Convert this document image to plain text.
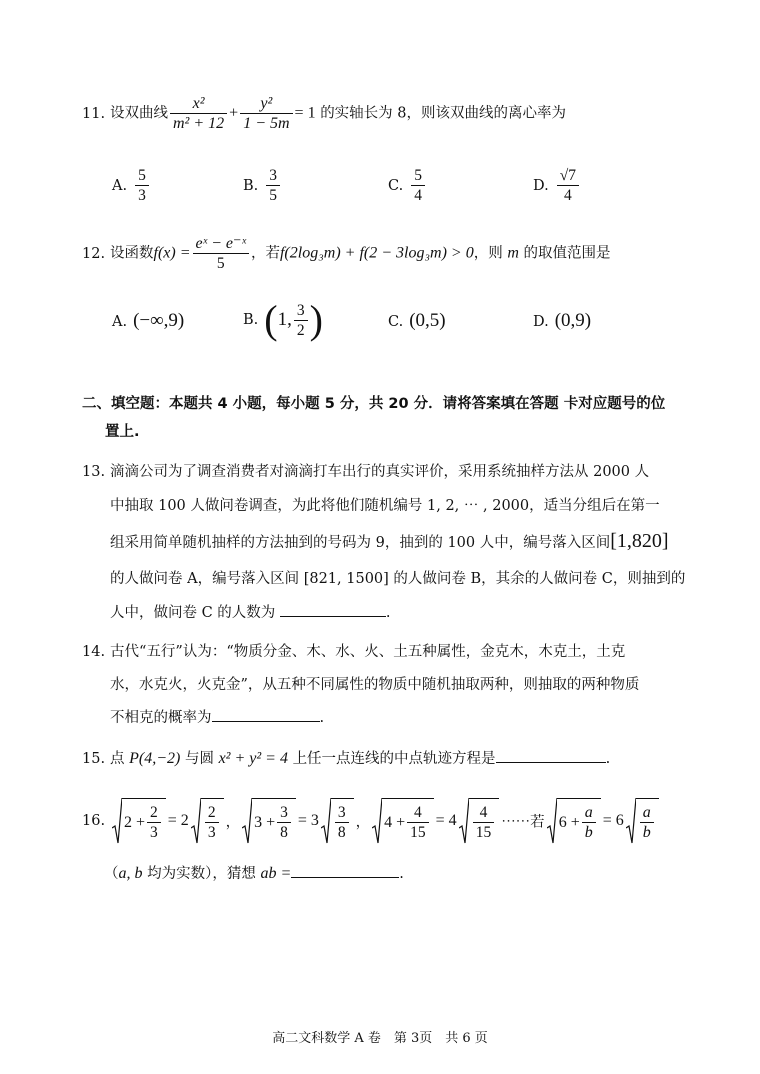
11. 设双曲线 $\frac{\text{x²}}{\text{m² + 12}} + \frac{\text{y²}}{1 - 5m} = 1$ 的实轴长为 8，则该双曲线的离心率为
A. $\frac{5}{3}$	B. $\frac{3}{5}$	C. $\frac{5}{4}$	D. $\frac{√7}{4}$
12. 设函数$f(x) = \frac{\text{eˣ − e⁻ˣ}}{5}$ ，若f(2log₃m) + f(2 − 3log₃m) > 0，则 m 的取值范围是
A. (−∞,9)	B. (1, $\frac{3}{2}$ )	C. (0,5)	D. (0,9)
二、填空题：本题共 4 小题，每小题 5 分，共 20 分．请将答案填在答题 卡对应题号的位
置上.
13. 滴滴公司为了调查消费者对滴滴打车出行的真实评价，采用系统抽样方法从 2000 人
中抽取 100 人做问卷调查，为此将他们随机编号 1, 2, ⋯ , 2000，适当分组后在第一
组采用简单随机抽样的方法抽到的号码为 9，抽到的 100 人中，编号落入区间[1,820]
的人做问卷 A，编号落入区间 [821, 1500] 的人做问卷 B，其余的人做问卷 C，则抽到的
人中，做问卷 C 的人数为	.
14. 古代“五行”认为：“物质分金、木、水、火、土五种属性，金克木，木克土，土克
水，水克火，火克金”，从五种不同属性的物质中随机抽取两种，则抽取的两种物质
不相克的概率为	.
15. 点 P(4,−2) 与圆 x² + y² = 4 上任一点连线的中点轨迹方程是	.
16. $2 + \frac{2}{3} = 2 \frac{2}{3}$ ， $3 + \frac{3}{8} = 3 \frac{3}{8}$ ， $4 + \frac{4}{15} = 4 \frac{4}{15}$ ⋯⋯若 $6 + \frac{a}{b} = 6 \frac{a}{b}$
（a, b 均为实数），猜想 ab =	.
高二文科数学 A 卷　第 3页　共 6 页
